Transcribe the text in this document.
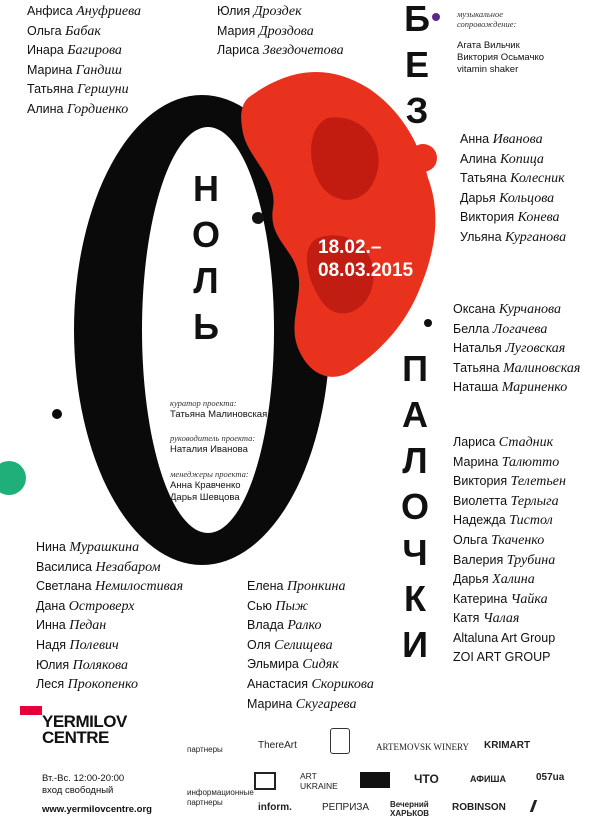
Н
О
Л
Ь
Б
Е
З
П
А
Л
О
Ч
К
И
18.02.–
08.03.2015
Анфиса Ануфриева
Ольга Бабак
Инара Багирова
Марина Гандиш
Татьяна Гершуни
Алина Гордиенко
Юлия Дроздек
Мария Дроздова
Лариса Звездочетова
Анна Иванова
Алина Копица
Татьяна Колесник
Дарья Кольцова
Виктория Конева
Ульяна Курганова
Оксана Курчанова
Белла Логачева
Наталья Луговская
Татьяна Малиновская
Наташа Мариненко
Лариса Стадник
Марина Талютто
Виктория Телетьен
Виолетта Терлыга
Надежда Тистол
Ольга Ткаченко
Валерия Трубина
Дарья Халина
Катерина Чайка
Катя Чалая
Altaluna Art Group
ZOI ART GROUP
Нина Мурашкина
Василиса Незабаром
Светлана Немилостивая
Дана Островерх
Инна Педан
Надя Полевич
Юлия Полякова
Леся Прокопенко
Елена Пронкина
Сью Пыж
Влада Ралко
Оля Селищева
Эльмира Сидяк
Анастасия Скорикова
Марина Скугарева
музыкальное сопровождение:
Агата Вильчик
Виктория Осьмачко
vitamin shaker
куратор проекта:
Татьяна Малиновская
руководитель проекта:
Наталия Иванова
менеджеры проекта:
Анна Кравченко
Дарья Шевцова
YERMILOV
CENTRE
Вт.-Вс. 12:00-20:00
вход свободный
www.yermilovcentre.org
партнеры	ThereArt	ARTEMOVSK WINERY KRIMART
информационные партнеры
ART UKRAINE	ЧТО	АФИША	057ua
inform.	РЕПРИЗА	Вечерний ХАРЬКОВ
ROBINSON
